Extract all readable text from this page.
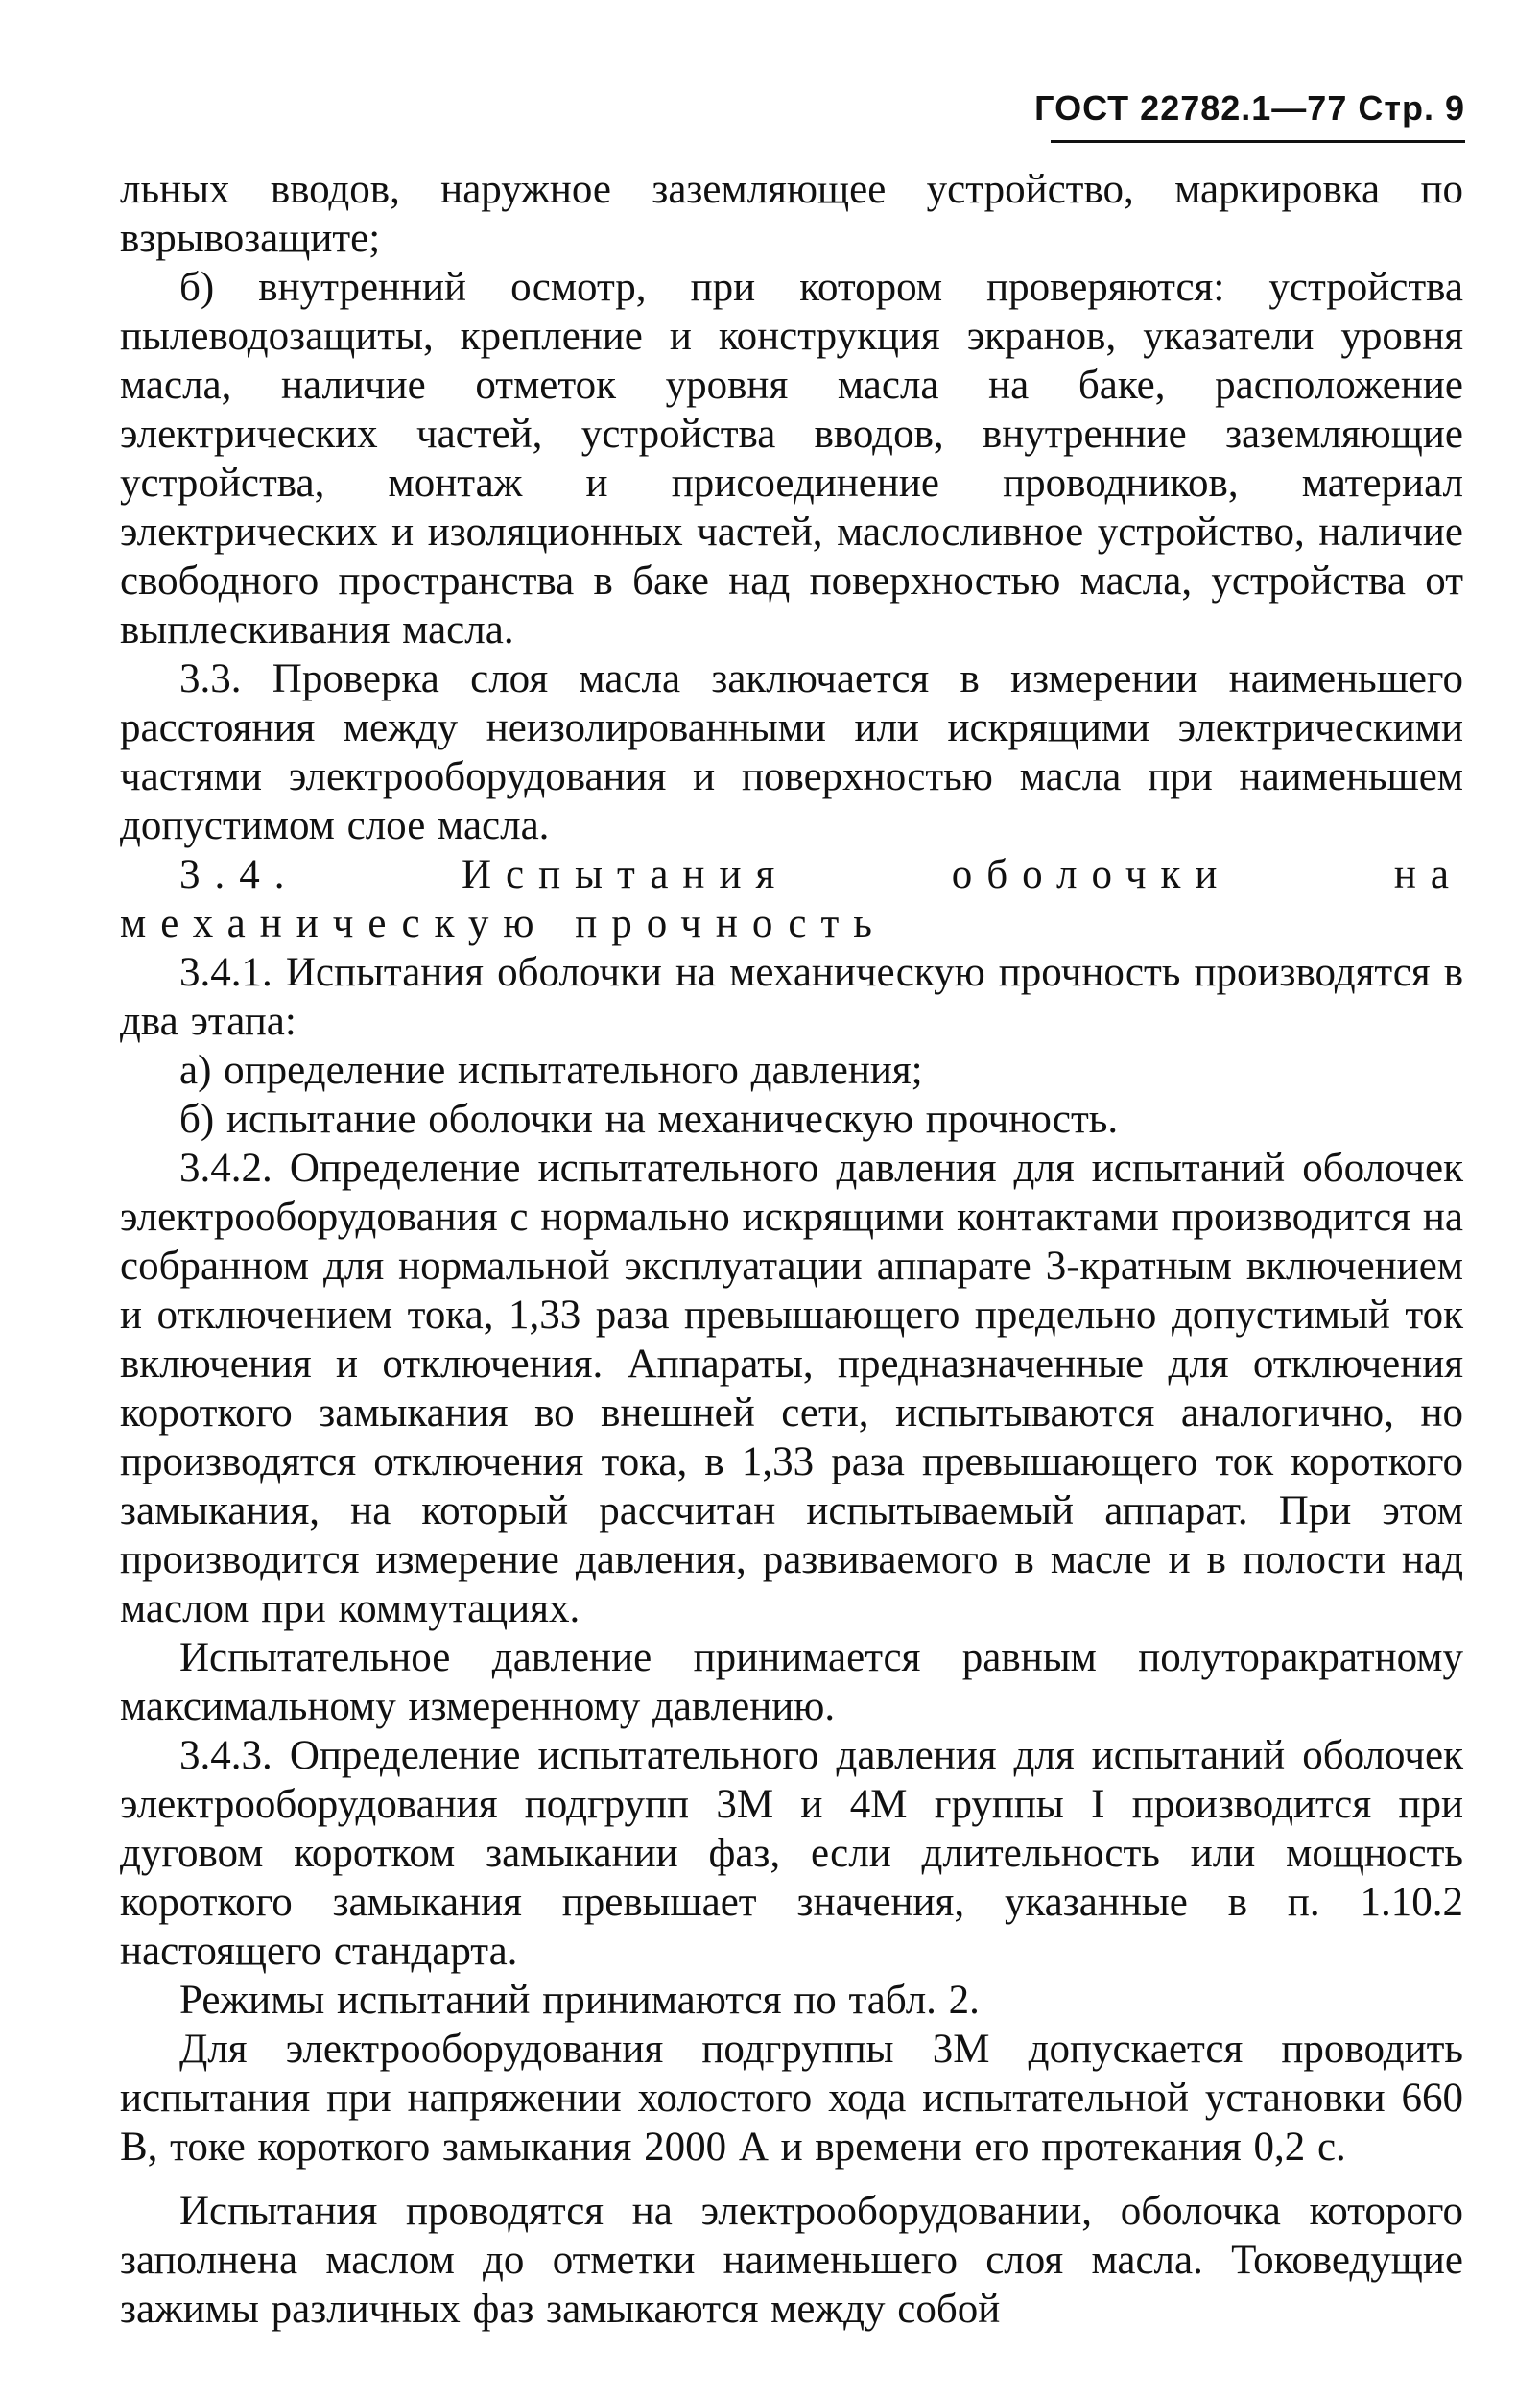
ГОСТ 22782.1—77 Стр. 9

льных вводов, наружное заземляющее устройство, маркировка по взрывозащите;

б) внутренний осмотр, при котором проверяются: устройства пылеводозащиты, крепление и конструкция экранов, указатели уровня масла, наличие отметок уровня масла на баке, расположение электрических частей, устройства вводов, внутренние заземляющие устройства, монтаж и присоединение проводников, материал электрических и изоляционных частей, маслосливное устройство, наличие свободного пространства в баке над поверхностью масла, устройства от выплескивания масла.

3.3. Проверка слоя масла заключается в измерении наименьшего расстояния между неизолированными или искрящими электрическими частями электрооборудования и поверхностью масла при наименьшем допустимом слое масла.

3.4. Испытания оболочки на механическую прочность

3.4.1. Испытания оболочки на механическую прочность производятся в два этапа:

а) определение испытательного давления;

б) испытание оболочки на механическую прочность.

3.4.2. Определение испытательного давления для испытаний оболочек электрооборудования с нормально искрящими контактами производится на собранном для нормальной эксплуатации аппарате 3-кратным включением и отключением тока, 1,33 раза превышающего предельно допустимый ток включения и отключения. Аппараты, предназначенные для отключения короткого замыкания во внешней сети, испытываются аналогично, но производятся отключения тока, в 1,33 раза превышающего ток короткого замыкания, на который рассчитан испытываемый аппарат. При этом производится измерение давления, развиваемого в масле и в полости над маслом при коммутациях.

Испытательное давление принимается равным полуторакратному максимальному измеренному давлению.

3.4.3. Определение испытательного давления для испытаний оболочек электрооборудования подгрупп 3М и 4М группы I производится при дуговом коротком замыкании фаз, если длительность или мощность короткого замыкания превышает значения, указанные в п. 1.10.2 настоящего стандарта.

Режимы испытаний принимаются по табл. 2.

Для электрооборудования подгруппы 3М допускается проводить испытания при напряжении холостого хода испытательной установки 660 В, токе короткого замыкания 2000 А и времени его протекания 0,2 с.

Испытания проводятся на электрооборудовании, оболочка которого заполнена маслом до отметки наименьшего слоя масла. Токоведущие зажимы различных фаз замыкаются между собой
